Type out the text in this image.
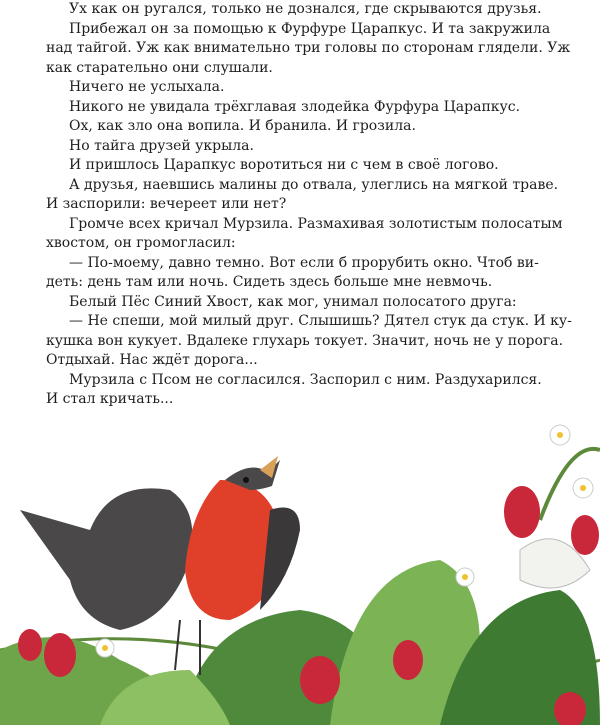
Ух как он ругался, только не дознался, где скрываются друзья.
Прибежал он за помощью к Фурфуре Царапкус. И та закружила
над тайгой. Уж как внимательно три головы по сторонам глядели. Уж
как старательно они слушали.
Ничего не услыхала.
Никого не увидала трёхглавая злодейка Фурфура Царапкус.
Ох, как зло она вопила. И бранила. И грозила.
Но тайга друзей укрыла.
И пришлось Царапкус воротиться ни с чем в своё логово.
А друзья, наевшись малины до отвала, улеглись на мягкой траве.
И заспорили: вечереет или нет?
Громче всех кричал Мурзила. Размахивая золотистым полосатым
хвостом, он громогласил:
— По-моему, давно темно. Вот если б прорубить окно. Чтоб ви-
деть: день там или ночь. Сидеть здесь больше мне невмочь.
Белый Пёс Синий Хвост, как мог, унимал полосатого друга:
— Не спеши, мой милый друг. Слышишь? Дятел стук да стук. И ку-
кушка вон кукует. Вдалеке глухарь токует. Значит, ночь не у порога.
Отдыхай. Нас ждёт дорога...
Мурзила с Псом не согласился. Заспорил с ним. Раздухарился.
И стал кричать...
